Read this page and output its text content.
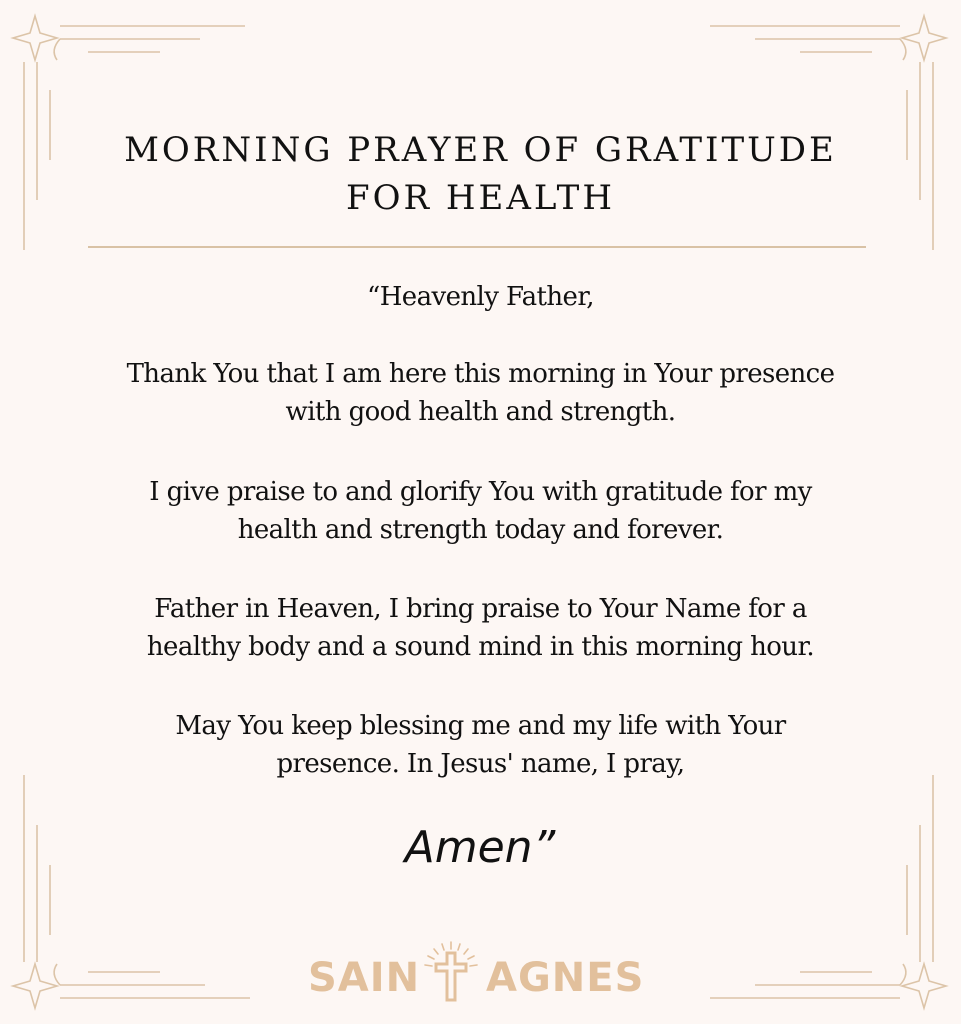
MORNING PRAYER OF GRATITUDE
FOR HEALTH

“Heavenly Father,

Thank You that I am here this morning in Your presence
with good health and strength.

I give praise to and glorify You with gratitude for my
health and strength today and forever.

Father in Heaven, I bring praise to Your Name for a
healthy body and a sound mind in this morning hour.

May You keep blessing me and my life with Your
presence. In Jesus' name, I pray,

Amen”
SAIN AGNES
